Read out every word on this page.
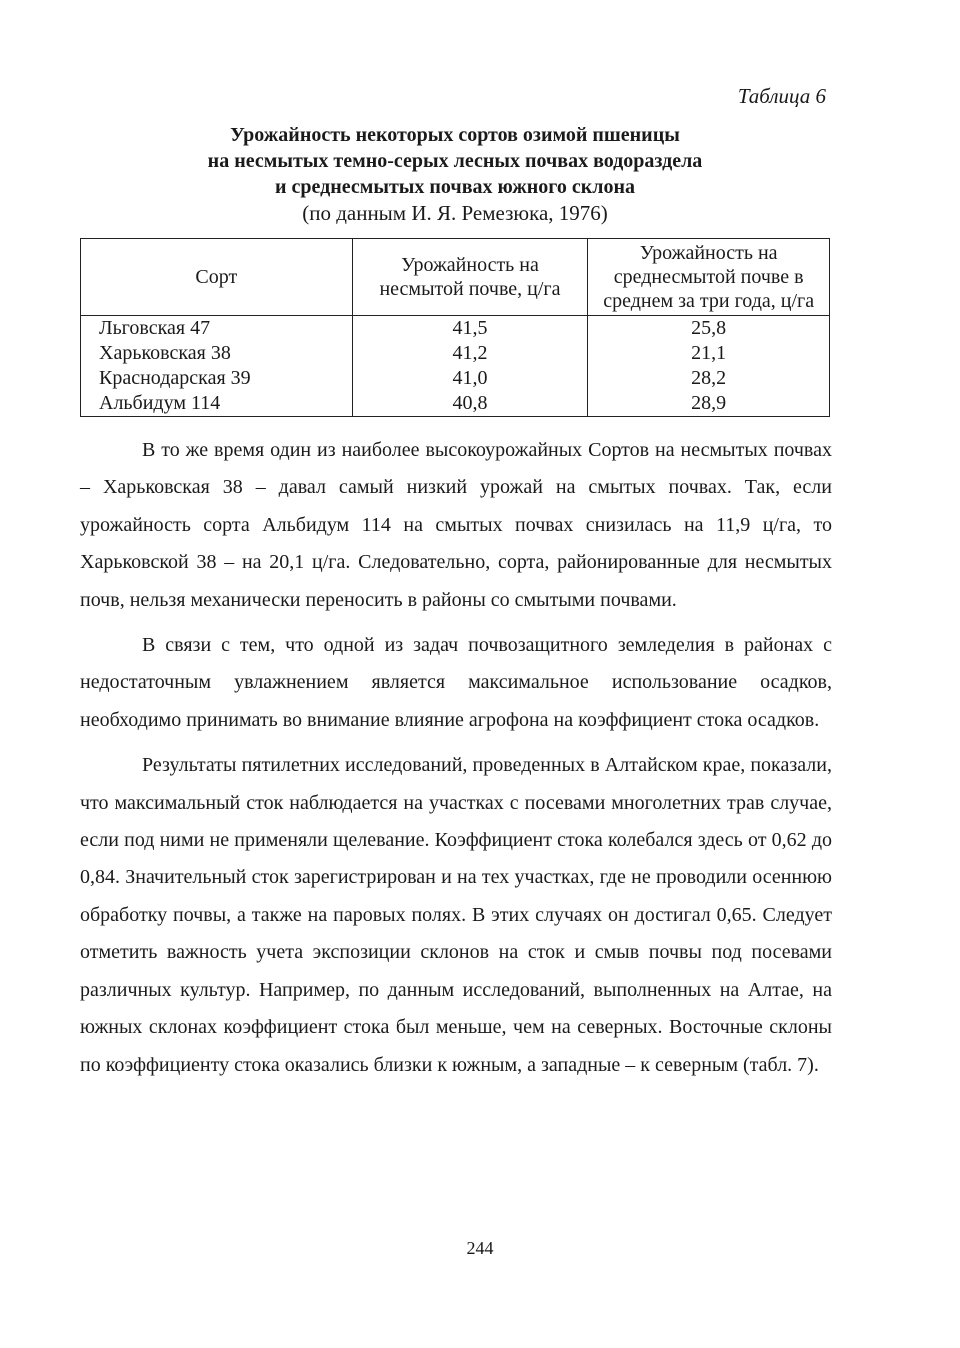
Таблица 6
Урожайность некоторых сортов озимой пшеницы
на несмытых темно-серых лесных почвах водораздела
и среднесмытых почвах южного склона
(по данным И. Я. Ремезюка, 1976)
Сорт	Урожайность на несмытой почве, ц/га	Урожайность на среднесмытой почве в среднем за три года, ц/га
Льговская 47	41,5	25,8
Харьковская 38	41,2	21,1
Краснодарская 39	41,0	28,2
Альбидум 114	40,8	28,9

В то же время один из наиболее высокоурожайных Сортов на несмытых почвах – Харьковская 38 – давал самый низкий урожай на смытых почвах. Так, если урожайность сорта Альбидум 114 на смытых почвах снизилась на 11,9 ц/га, то Харьковской 38 – на 20,1 ц/га. Следовательно, сорта, районированные для несмытых почв, нельзя механически переносить в районы со смытыми почвами.

В связи с тем, что одной из задач почвозащитного земледелия в районах с недостаточным увлажнением является максимальное использование осадков, необходимо принимать во внимание влияние агрофона на коэффициент стока осадков.

Результаты пятилетних исследований, проведенных в Алтайском крае, показали, что максимальный сток наблюдается на участках с посевами многолетних трав случае, если под ними не применяли щелевание. Коэффициент стока колебался здесь от 0,62 до 0,84. Значительный сток зарегистрирован и на тех участках, где не проводили осеннюю обработку почвы, а также на паровых полях. В этих случаях он достигал 0,65. Следует отметить важность учета экспозиции склонов на сток и смыв почвы под посевами различных культур. Например, по данным исследований, выполненных на Алтае, на южных склонах коэффициент стока был меньше, чем на северных. Восточные склоны по коэффициенту стока оказались близки к южным, а западные – к северным (табл. 7).

244
